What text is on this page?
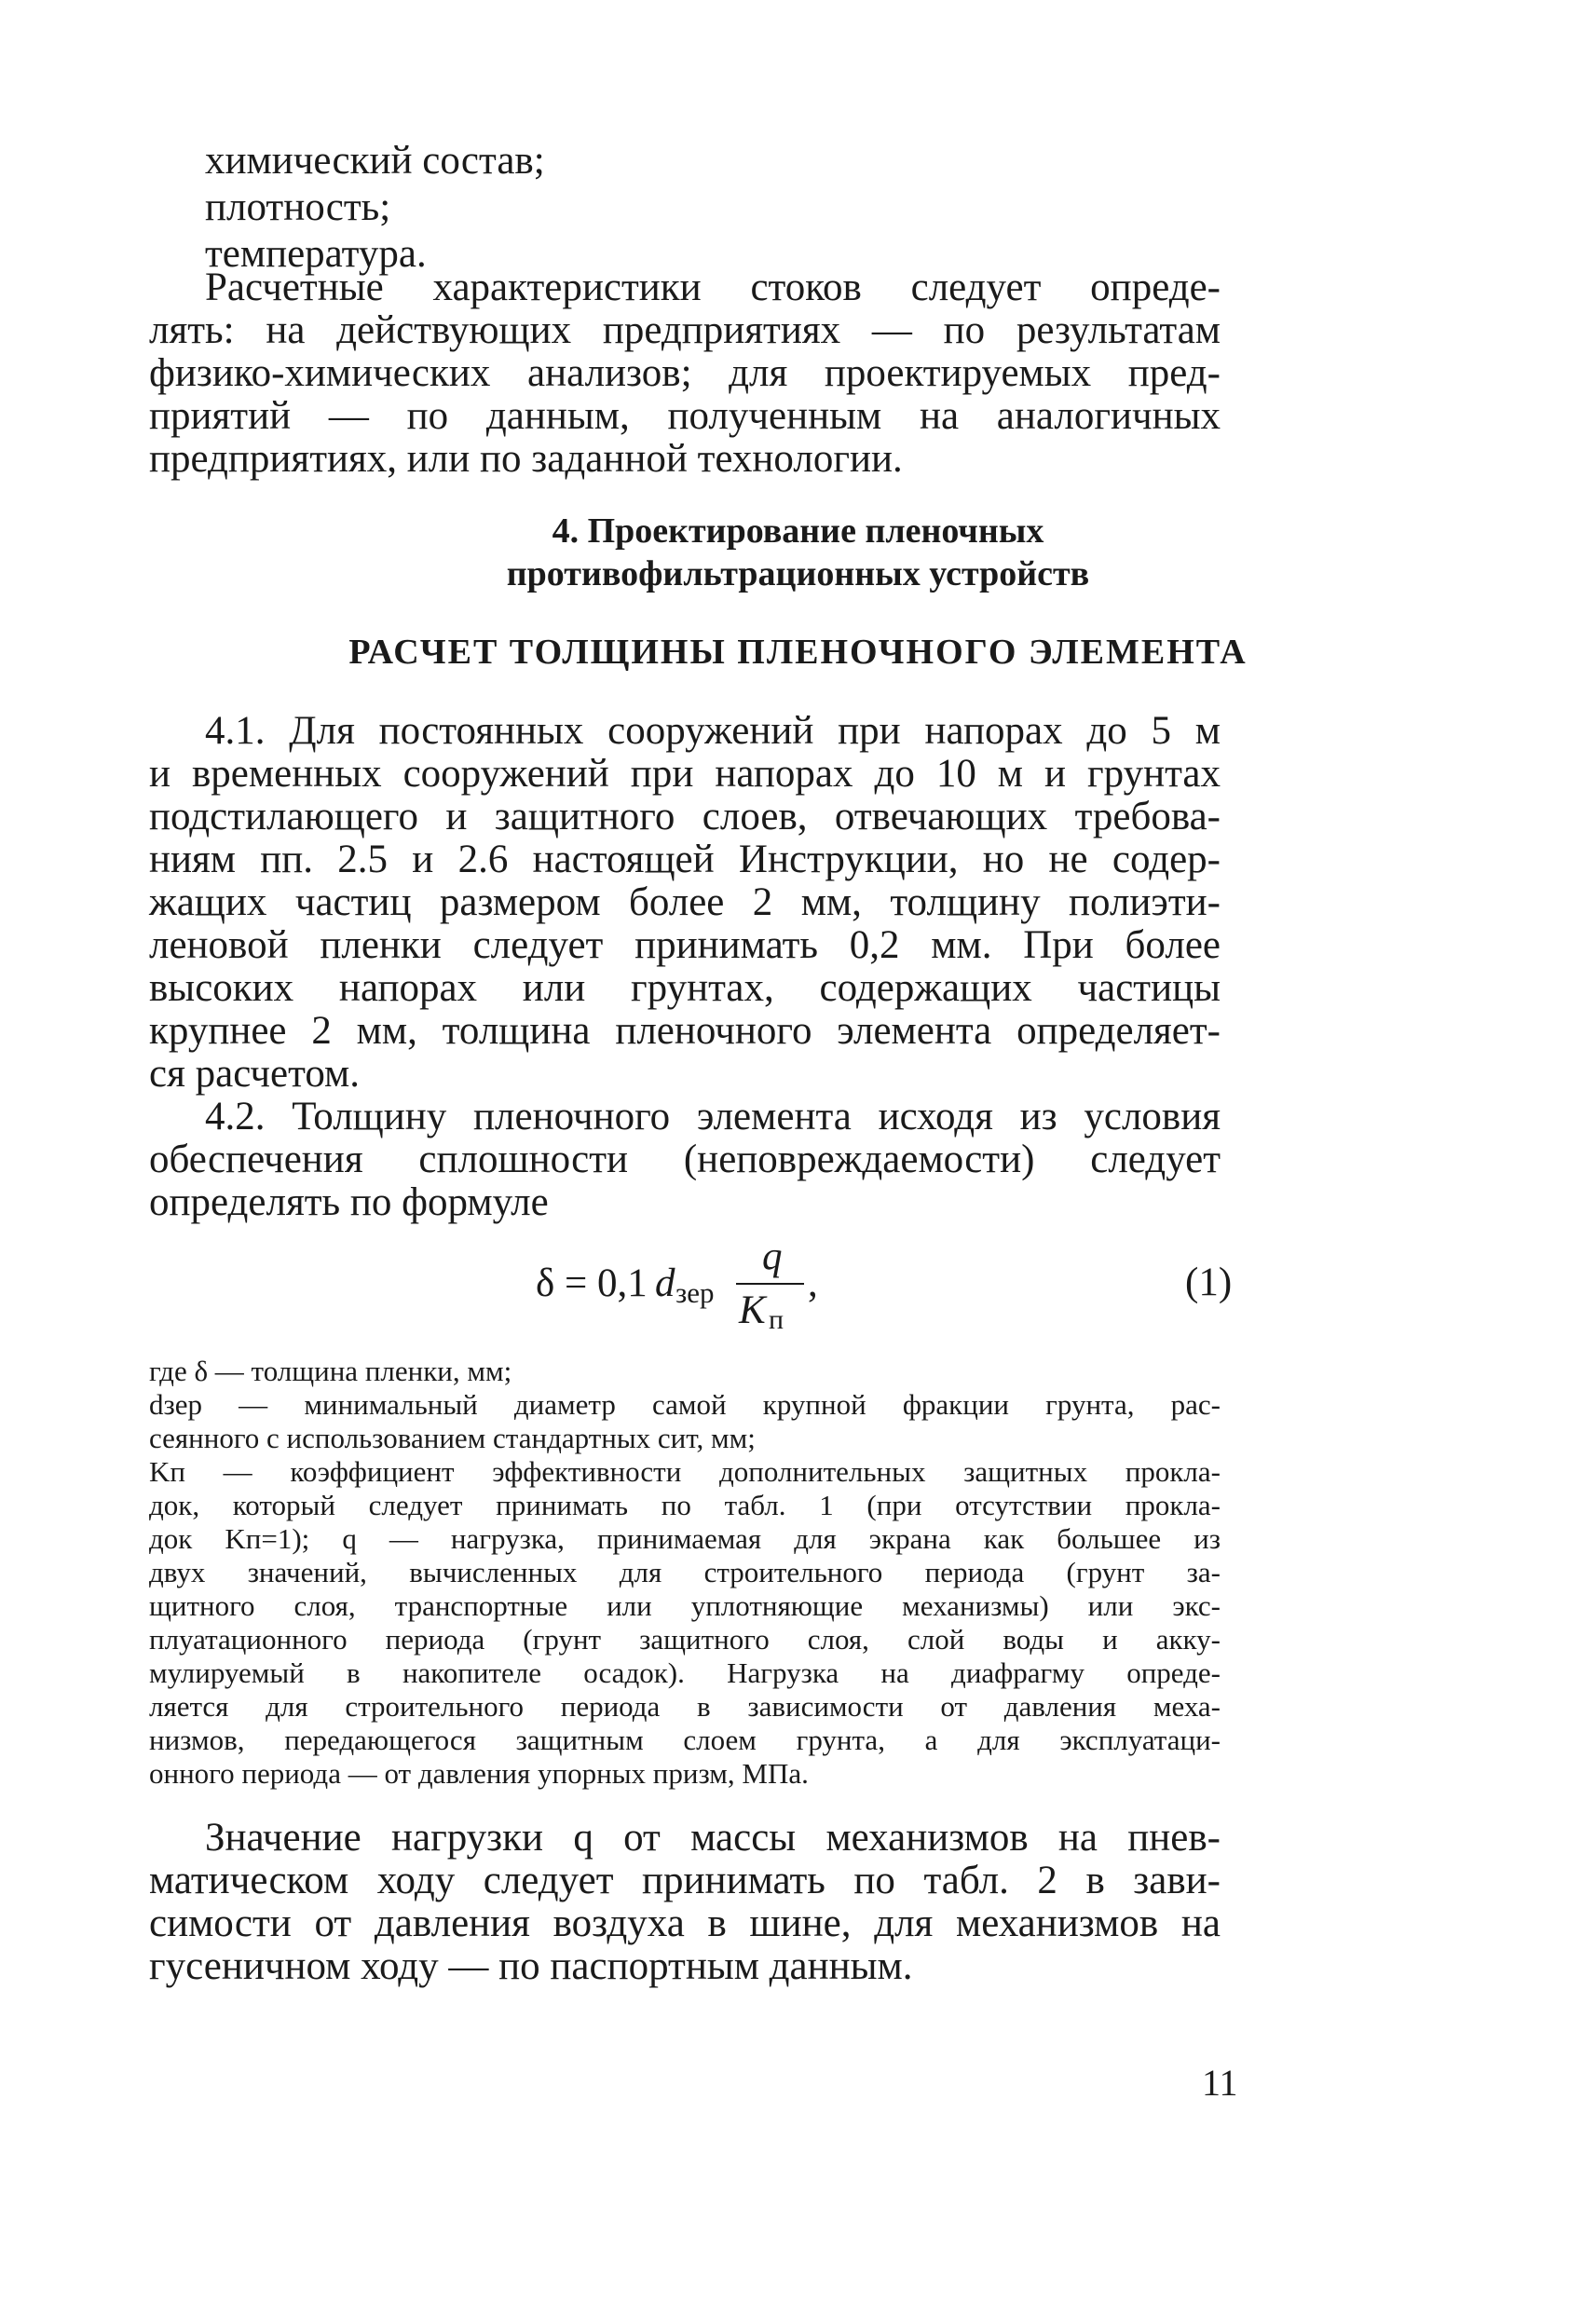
химический состав;
плотность;
температура.
Расчетные характеристики стоков следует опреде-
лять: на действующих предприятиях — по результатам
физико-химических анализов; для проектируемых пред-
приятий — по данным, полученным на аналогичных
предприятиях, или по заданной технологии.
4. Проектирование пленочных
противофильтрационных устройств
РАСЧЕТ ТОЛЩИНЫ ПЛЕНОЧНОГО ЭЛЕМЕНТА
4.1. Для постоянных сооружений при напорах до 5 м
и временных сооружений при напорах до 10 м и грунтах
подстилающего и защитного слоев, отвечающих требова-
ниям пп. 2.5 и 2.6 настоящей Инструкции, но не содер-
жащих частиц размером более 2 мм, толщину полиэти-
леновой пленки следует принимать 0,2 мм. При более
высоких напорах или грунтах, содержащих частицы
крупнее 2 мм, толщина пленочного элемента определяет-
ся расчетом.
4.2. Толщину пленочного элемента исходя из условия
обеспечения сплошности (неповреждаемости) следует
определять по формуле
δ = 0,1 d зер
q
K п
,	(1)
где δ — толщина пленки, мм;
dзер — минимальный диаметр самой крупной фракции грунта, рас-
сеянного с использованием стандартных сит, мм;
Kп — коэффициент эффективности дополнительных защитных прокла-
док, который следует принимать по табл. 1 (при отсутствии прокла-
док Kп=1); q — нагрузка, принимаемая для экрана как большее из
двух значений, вычисленных для строительного периода (грунт за-
щитного слоя, транспортные или уплотняющие механизмы) или экс-
плуатационного периода (грунт защитного слоя, слой воды и акку-
мулируемый в накопителе осадок). Нагрузка на диафрагму опреде-
ляется для строительного периода в зависимости от давления меха-
низмов, передающегося защитным слоем грунта, а для эксплуатаци-
онного периода — от давления упорных призм, МПа.
Значение нагрузки q от массы механизмов на пнев-
матическом ходу следует принимать по табл. 2 в зави-
симости от давления воздуха в шине, для механизмов на
гусеничном ходу — по паспортным данным.
11
